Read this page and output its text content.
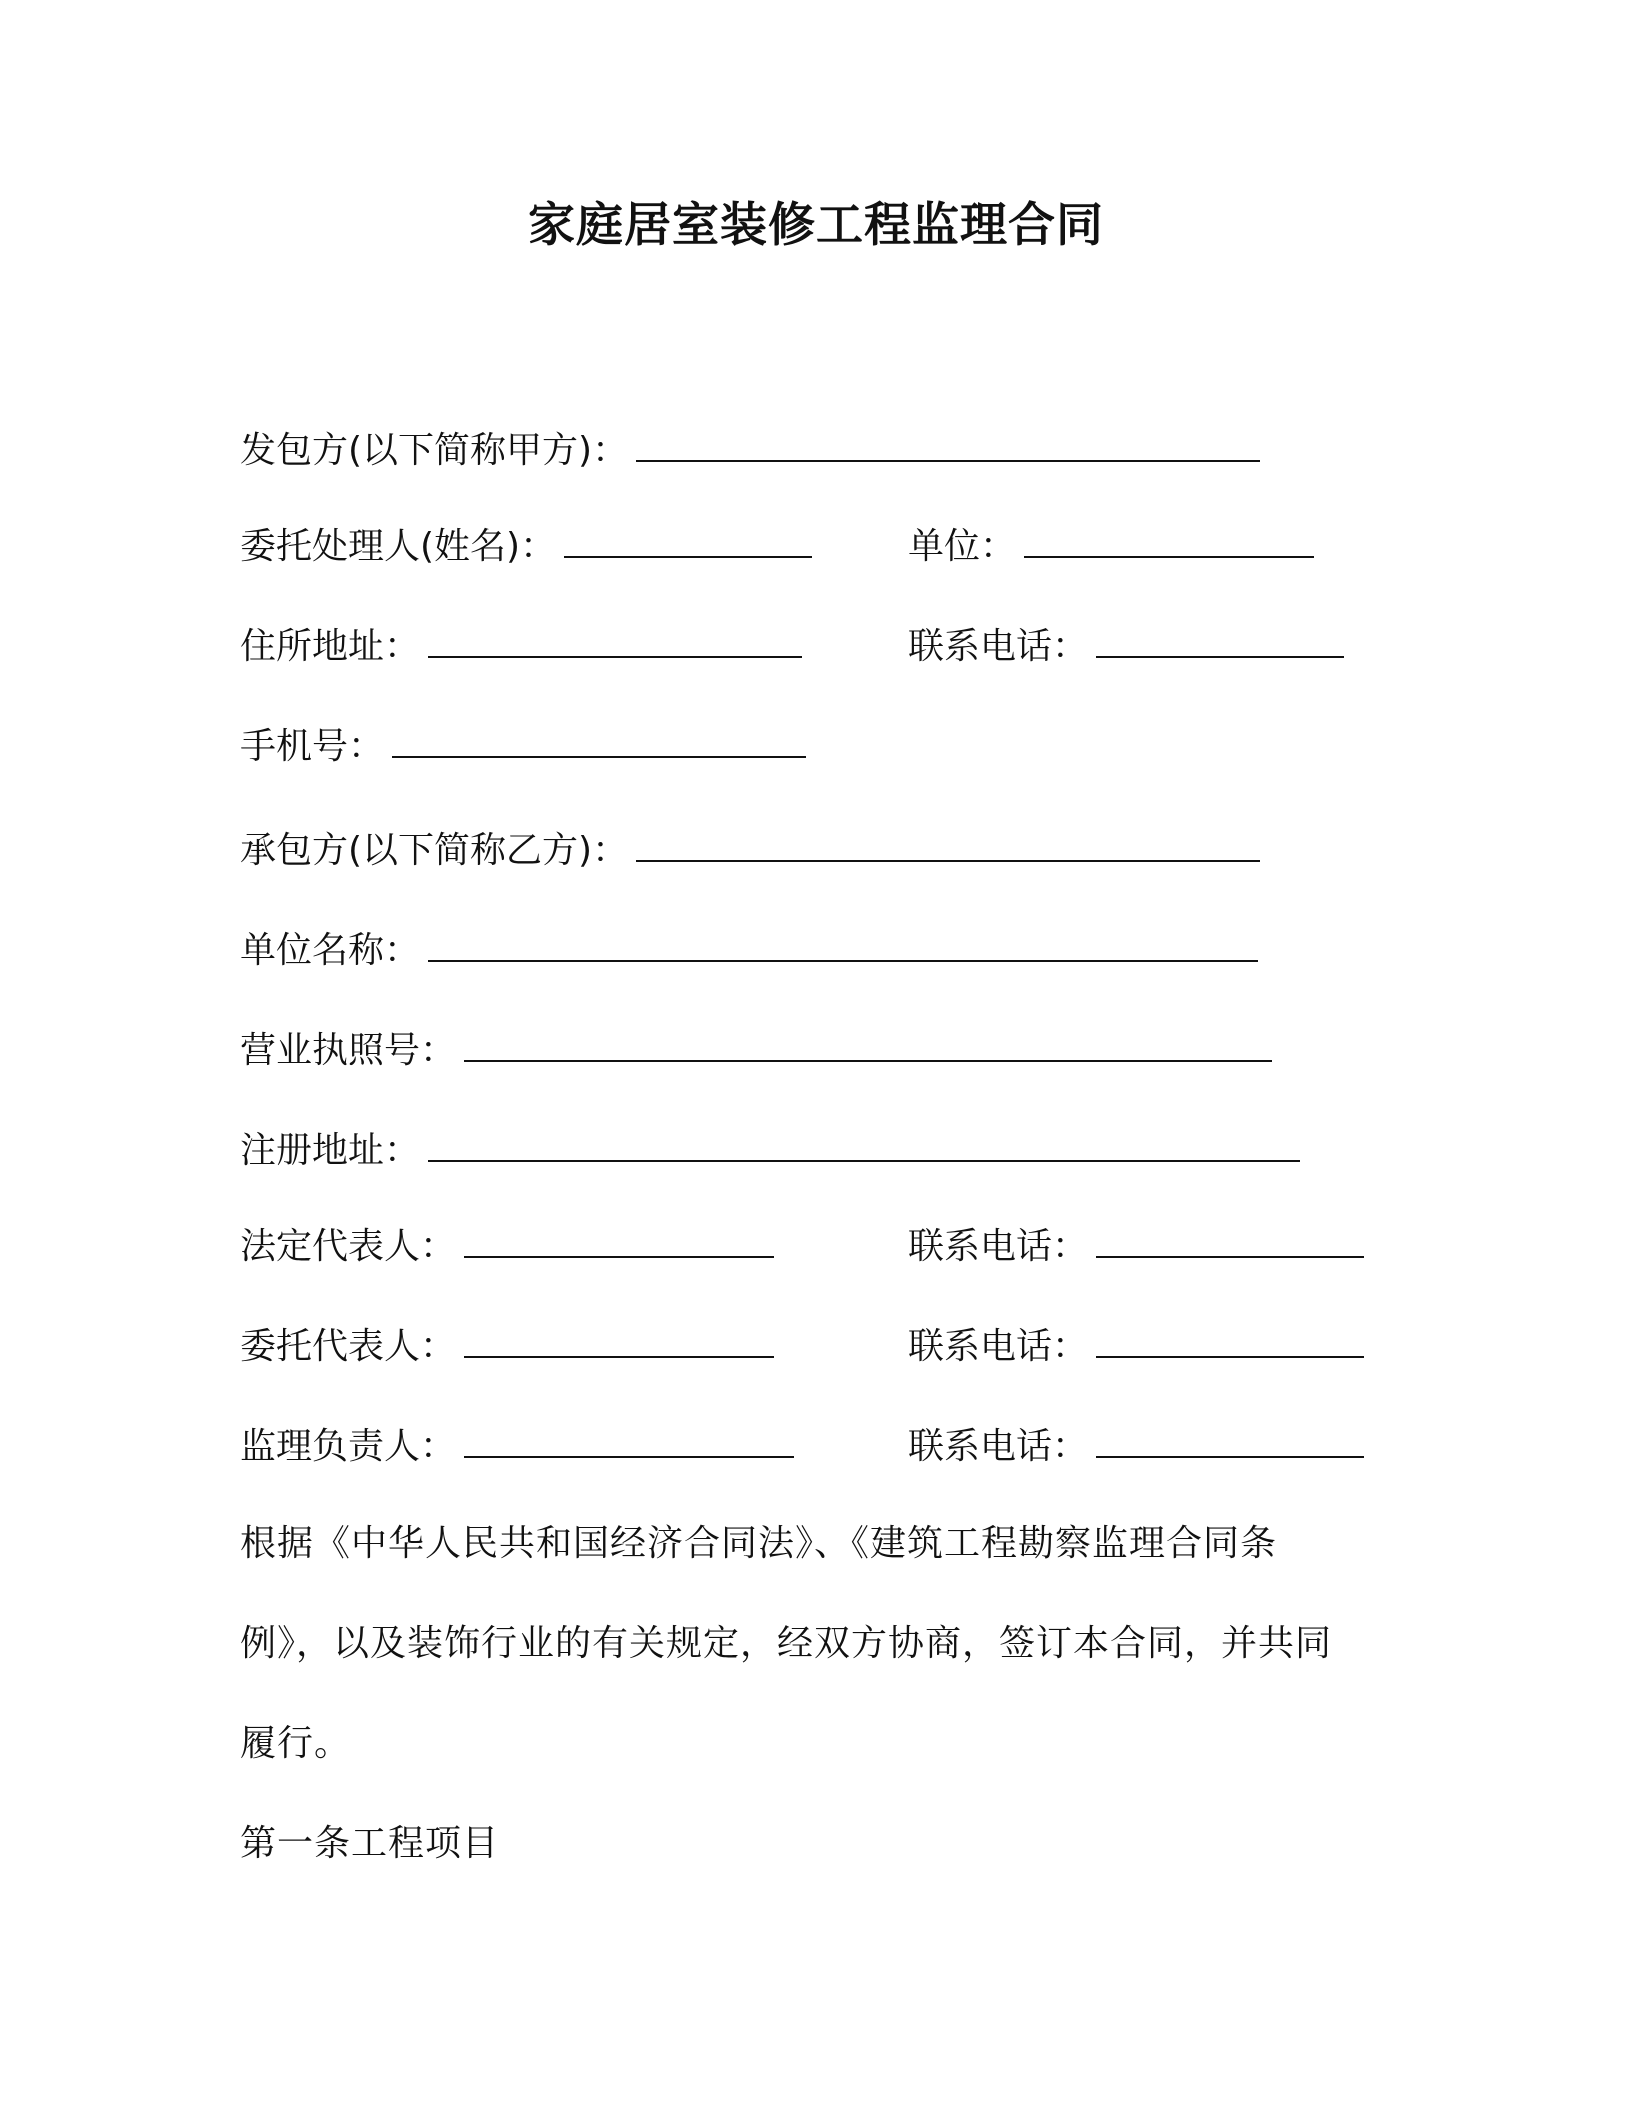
家庭居室装修工程监理合同
发包方(以下简称甲方)：
委托处理人(姓名)：	单位：
住所地址：	联系电话：
手机号：
承包方(以下简称乙方)：
单位名称：
营业执照号：
注册地址：
法定代表人：	联系电话：
委托代表人：	联系电话：
监理负责人：	联系电话：
根据《中华人民共和国经济合同法》、《建筑工程勘察监理合同条
例》，以及装饰行业的有关规定，经双方协商，签订本合同，并共同
履行。
第一条工程项目
